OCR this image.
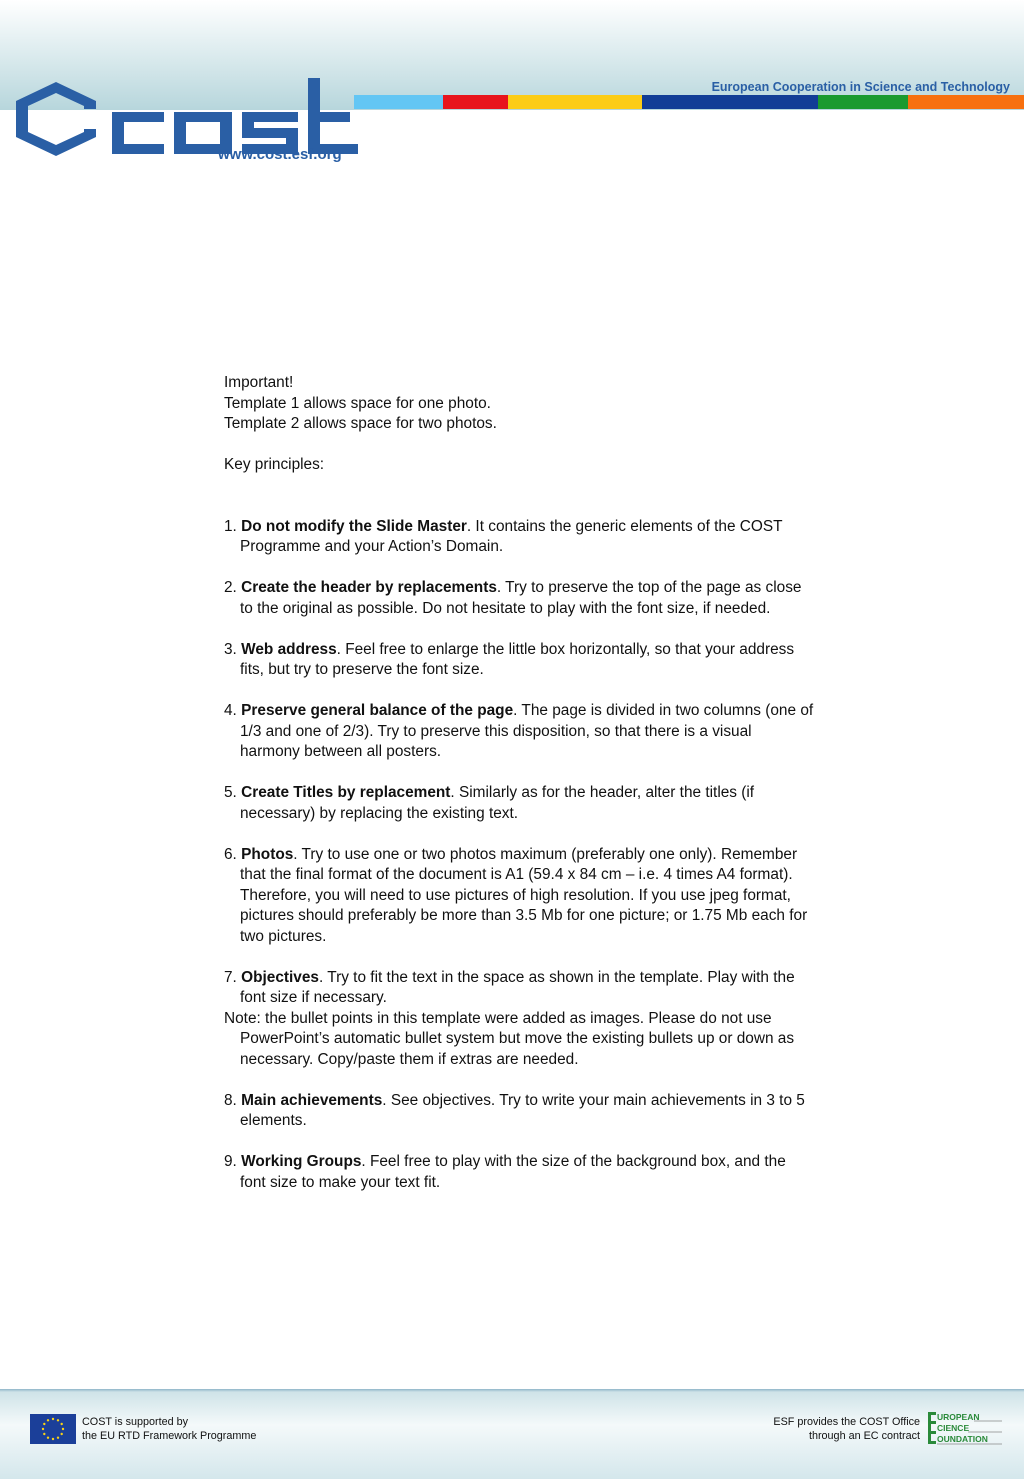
European Cooperation in Science and Technology
www.cost.esf.org
Important!
Template 1 allows space for one photo.
Template 2 allows space for two photos.
Key principles:
1. Do not modify the Slide Master. It contains the generic elements of the COST Programme and your Action’s Domain.
2. Create the header by replacements. Try to preserve the top of the page as close to the original as possible. Do not hesitate to play with the font size, if needed.
3. Web address. Feel free to enlarge the little box horizontally, so that your address fits, but try to preserve the font size.
4. Preserve general balance of the page. The page is divided in two columns (one of 1/3 and one of 2/3). Try to preserve this disposition, so that there is a visual harmony between all posters.
5. Create Titles by replacement. Similarly as for the header, alter the titles (if necessary) by replacing the existing text.
6. Photos. Try to use one or two photos maximum (preferably one only). Remember that the final format of the document is A1 (59.4 x 84 cm – i.e. 4 times A4 format). Therefore, you will need to use pictures of high resolution. If you use jpeg format, pictures should preferably be more than 3.5 Mb for one picture; or 1.75 Mb each for two pictures.
7. Objectives. Try to fit the text in the space as shown in the template. Play with the font size if necessary.
Note: the bullet points in this template were added as images. Please do not use PowerPoint’s automatic bullet system but move the existing bullets up or down as necessary. Copy/paste them if extras are needed.
8. Main achievements. See objectives. Try to write your main achievements in 3 to 5 elements.
9. Working Groups. Feel free to play with the size of the background box, and the font size to make your text fit.
COST is supported by
the EU RTD Framework Programme
ESF provides the COST Office
through an EC contract
UROPEAN
CIENCE
OUNDATION
